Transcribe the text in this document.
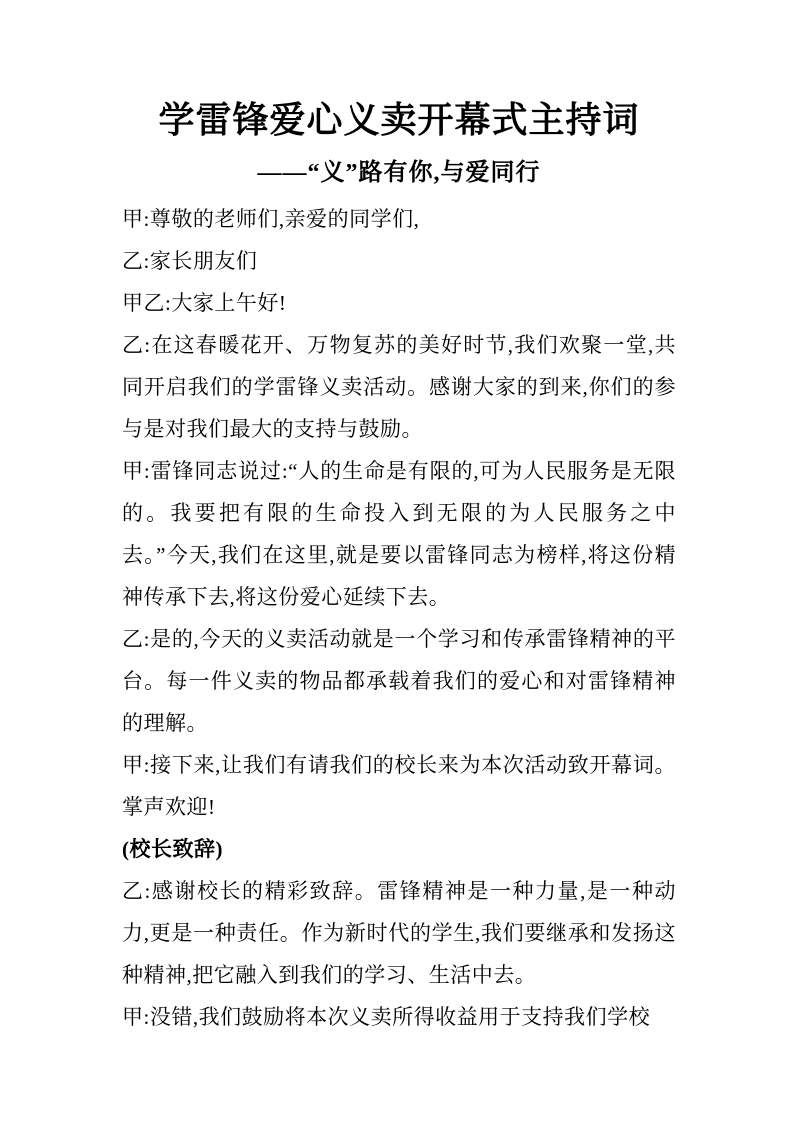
学雷锋爱心义卖开幕式主持词
——“义”路有你,与爱同行

甲:尊敬的老师们,亲爱的同学们,

乙:家长朋友们

甲乙:大家上午好!

乙:在这春暖花开、万物复苏的美好时节,我们欢聚一堂,共同开启我们的学雷锋义卖活动。感谢大家的到来,你们的参与是对我们最大的支持与鼓励。

甲:雷锋同志说过:“人的生命是有限的,可为人民服务是无限的。我要把有限的生命投入到无限的为人民服务之中去。”今天,我们在这里,就是要以雷锋同志为榜样,将这份精神传承下去,将这份爱心延续下去。

乙:是的,今天的义卖活动就是一个学习和传承雷锋精神的平台。每一件义卖的物品都承载着我们的爱心和对雷锋精神的理解。

甲:接下来,让我们有请我们的校长来为本次活动致开幕词。掌声欢迎!

(校长致辞)

乙:感谢校长的精彩致辞。雷锋精神是一种力量,是一种动力,更是一种责任。作为新时代的学生,我们要继承和发扬这种精神,把它融入到我们的学习、生活中去。

甲:没错,我们鼓励将本次义卖所得收益用于支持我们学校
